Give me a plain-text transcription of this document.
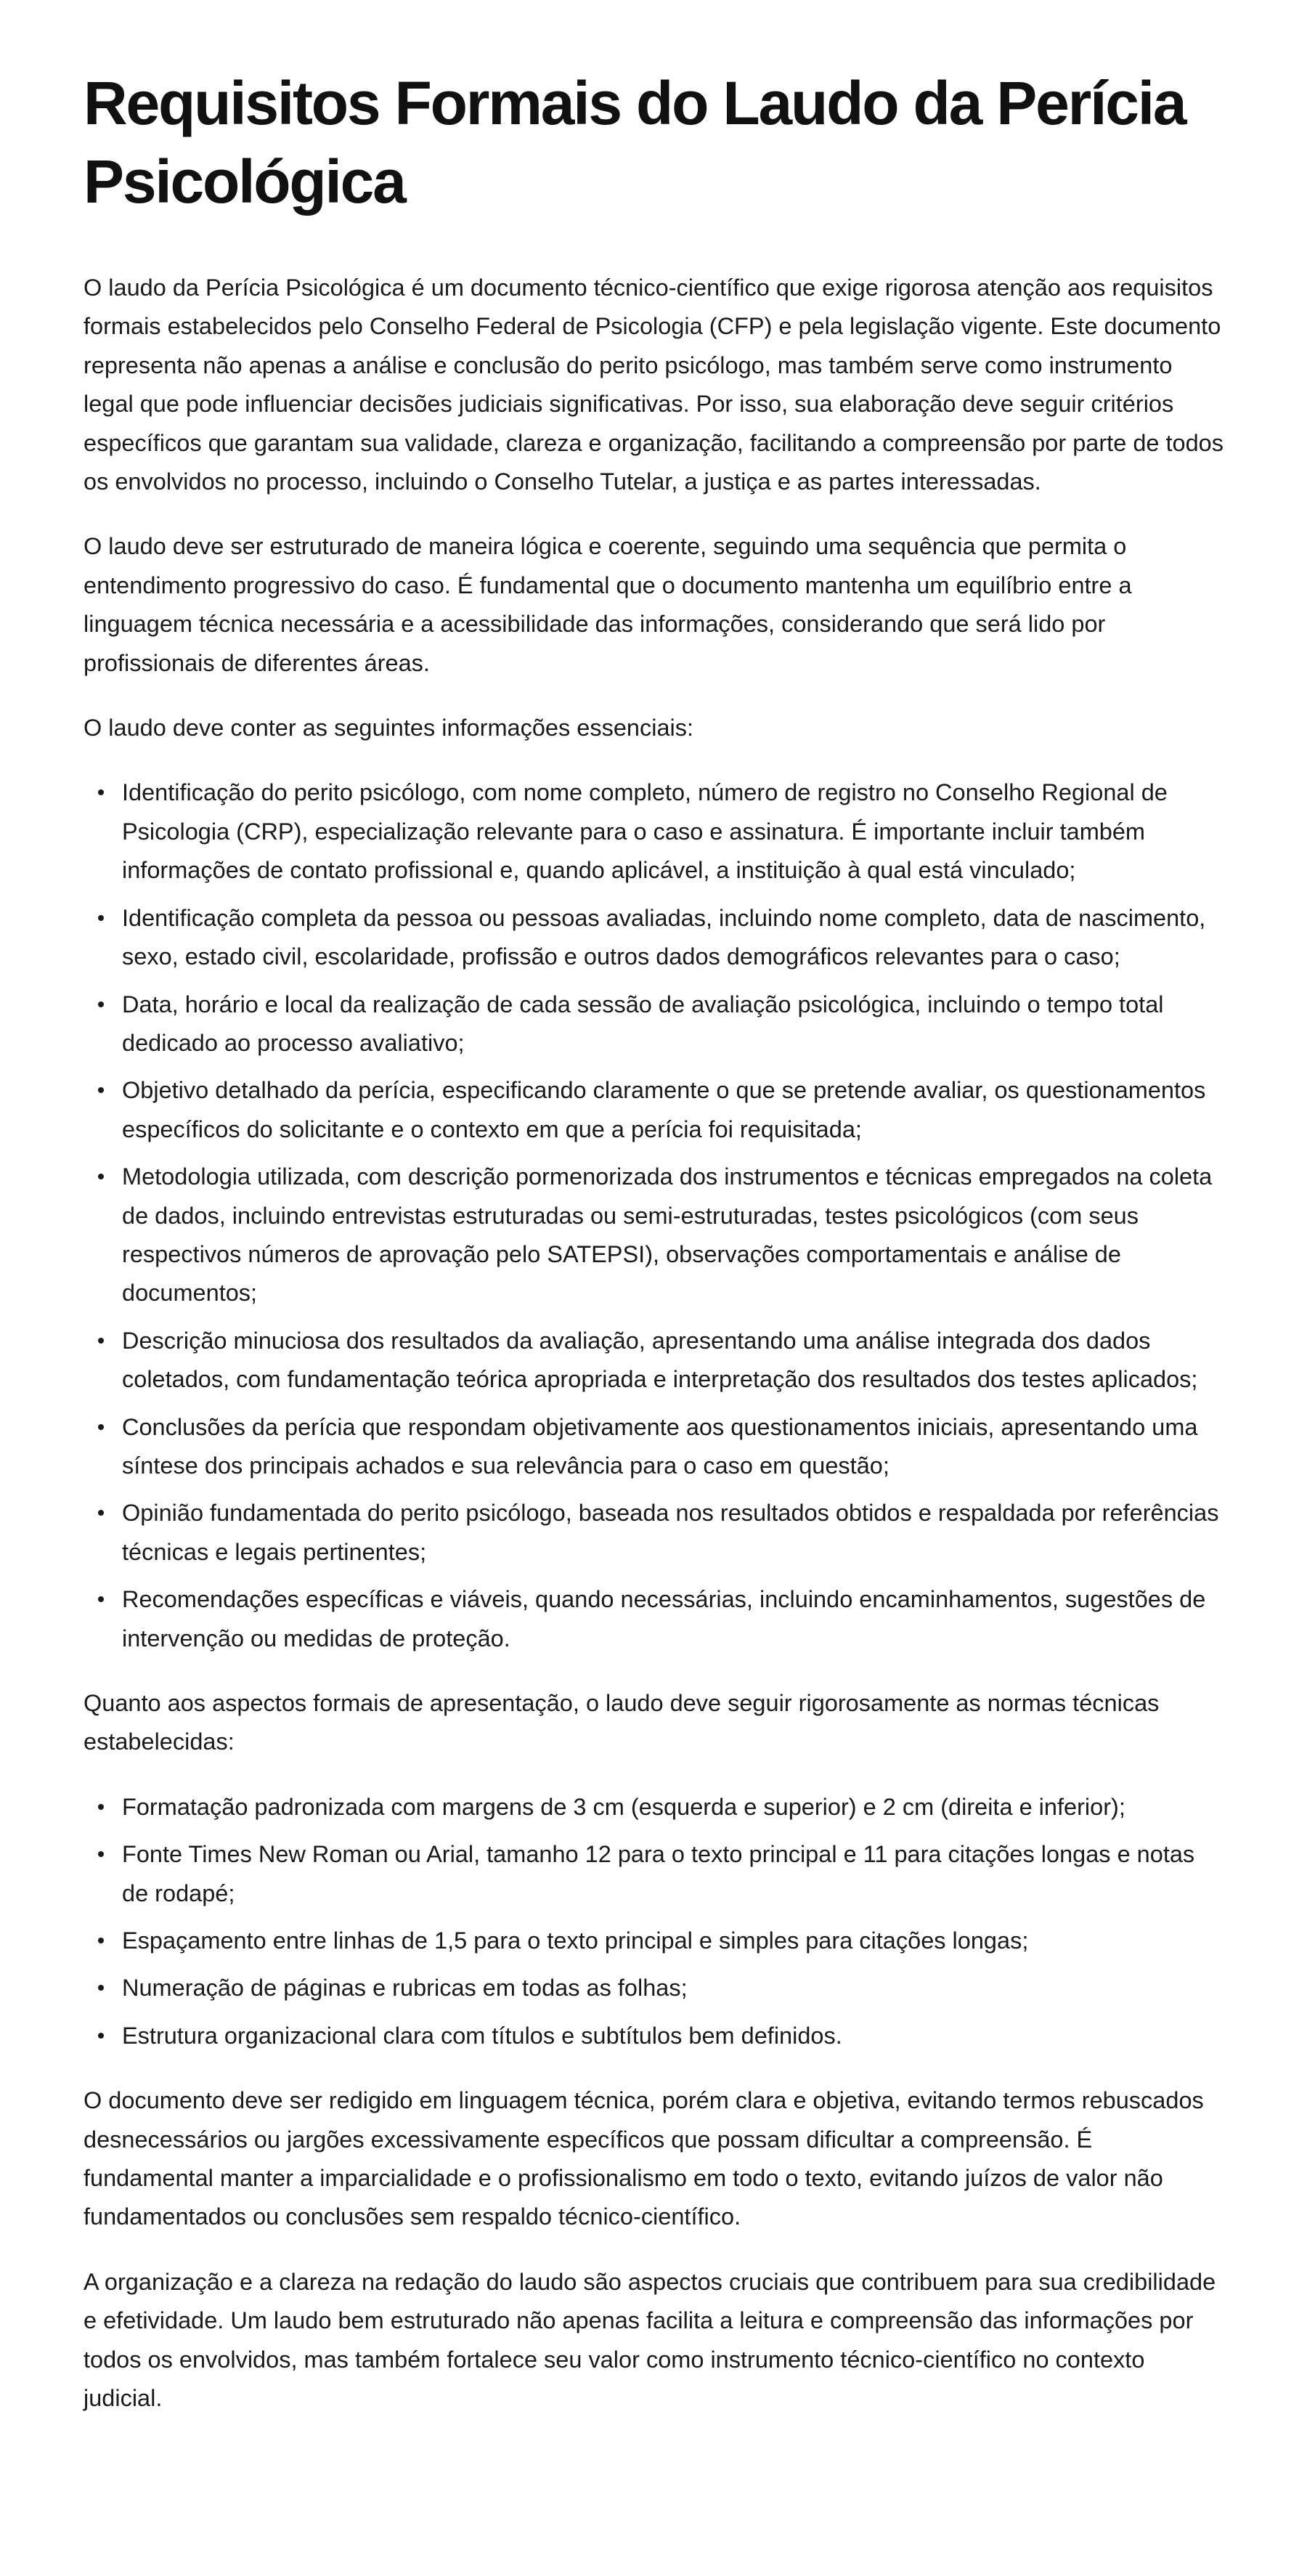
Requisitos Formais do Laudo da Perícia Psicológica

O laudo da Perícia Psicológica é um documento técnico-científico que exige rigorosa atenção aos requisitos formais estabelecidos pelo Conselho Federal de Psicologia (CFP) e pela legislação vigente. Este documento representa não apenas a análise e conclusão do perito psicólogo, mas também serve como instrumento legal que pode influenciar decisões judiciais significativas. Por isso, sua elaboração deve seguir critérios específicos que garantam sua validade, clareza e organização, facilitando a compreensão por parte de todos os envolvidos no processo, incluindo o Conselho Tutelar, a justiça e as partes interessadas.

O laudo deve ser estruturado de maneira lógica e coerente, seguindo uma sequência que permita o entendimento progressivo do caso. É fundamental que o documento mantenha um equilíbrio entre a linguagem técnica necessária e a acessibilidade das informações, considerando que será lido por profissionais de diferentes áreas.

O laudo deve conter as seguintes informações essenciais:

Identificação do perito psicólogo, com nome completo, número de registro no Conselho Regional de Psicologia (CRP), especialização relevante para o caso e assinatura. É importante incluir também informações de contato profissional e, quando aplicável, a instituição à qual está vinculado;
Identificação completa da pessoa ou pessoas avaliadas, incluindo nome completo, data de nascimento, sexo, estado civil, escolaridade, profissão e outros dados demográficos relevantes para o caso;
Data, horário e local da realização de cada sessão de avaliação psicológica, incluindo o tempo total dedicado ao processo avaliativo;
Objetivo detalhado da perícia, especificando claramente o que se pretende avaliar, os questionamentos específicos do solicitante e o contexto em que a perícia foi requisitada;
Metodologia utilizada, com descrição pormenorizada dos instrumentos e técnicas empregados na coleta de dados, incluindo entrevistas estruturadas ou semi-estruturadas, testes psicológicos (com seus respectivos números de aprovação pelo SATEPSI), observações comportamentais e análise de documentos;
Descrição minuciosa dos resultados da avaliação, apresentando uma análise integrada dos dados coletados, com fundamentação teórica apropriada e interpretação dos resultados dos testes aplicados;
Conclusões da perícia que respondam objetivamente aos questionamentos iniciais, apresentando uma síntese dos principais achados e sua relevância para o caso em questão;
Opinião fundamentada do perito psicólogo, baseada nos resultados obtidos e respaldada por referências técnicas e legais pertinentes;
Recomendações específicas e viáveis, quando necessárias, incluindo encaminhamentos, sugestões de intervenção ou medidas de proteção.

Quanto aos aspectos formais de apresentação, o laudo deve seguir rigorosamente as normas técnicas estabelecidas:

Formatação padronizada com margens de 3 cm (esquerda e superior) e 2 cm (direita e inferior);
Fonte Times New Roman ou Arial, tamanho 12 para o texto principal e 11 para citações longas e notas de rodapé;
Espaçamento entre linhas de 1,5 para o texto principal e simples para citações longas;
Numeração de páginas e rubricas em todas as folhas;
Estrutura organizacional clara com títulos e subtítulos bem definidos.

O documento deve ser redigido em linguagem técnica, porém clara e objetiva, evitando termos rebuscados desnecessários ou jargões excessivamente específicos que possam dificultar a compreensão. É fundamental manter a imparcialidade e o profissionalismo em todo o texto, evitando juízos de valor não fundamentados ou conclusões sem respaldo técnico-científico.

A organização e a clareza na redação do laudo são aspectos cruciais que contribuem para sua credibilidade e efetividade. Um laudo bem estruturado não apenas facilita a leitura e compreensão das informações por todos os envolvidos, mas também fortalece seu valor como instrumento técnico-científico no contexto judicial.
